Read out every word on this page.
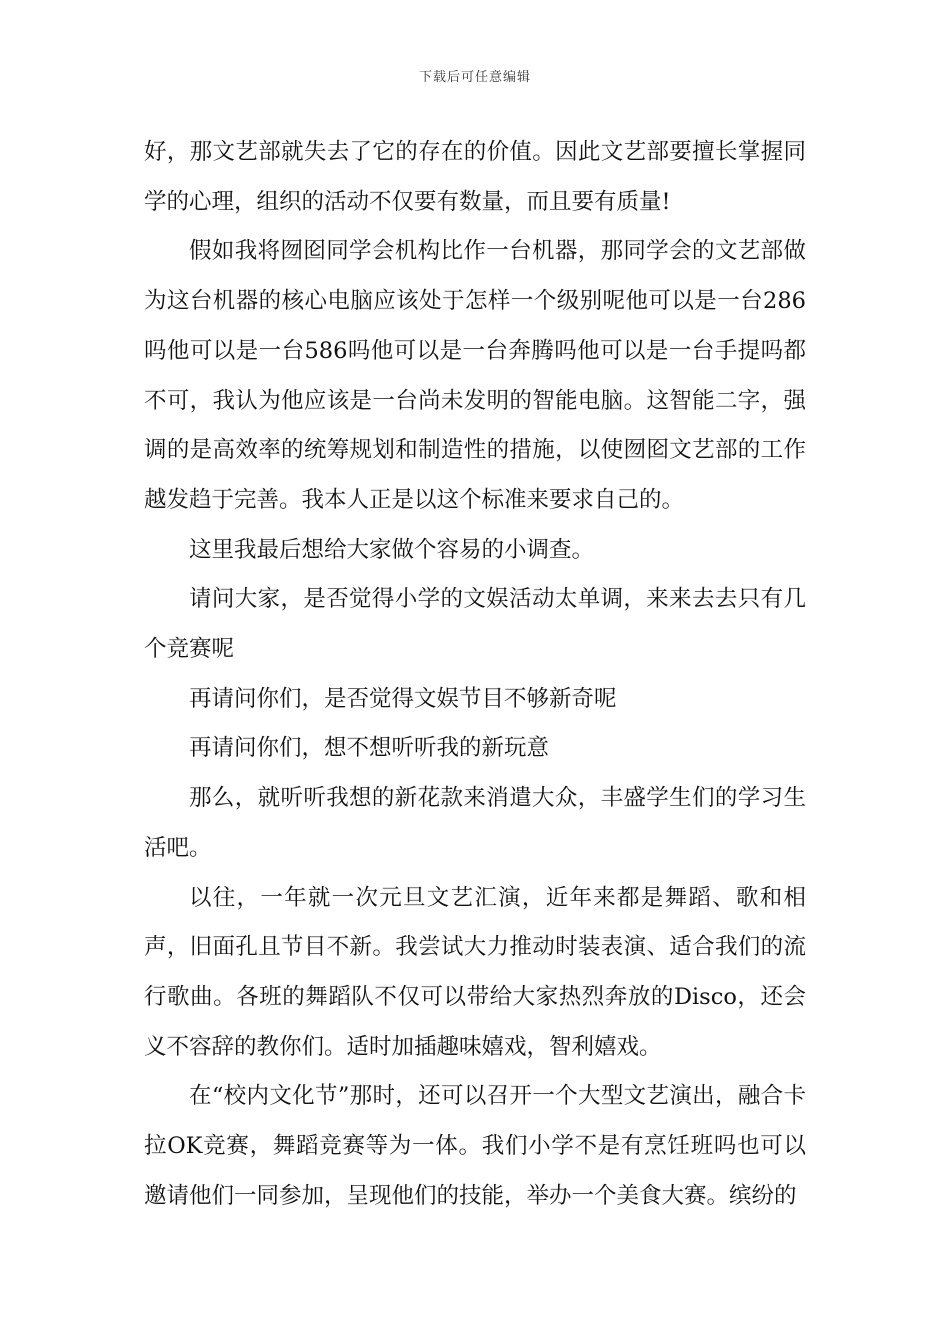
下载后可任意编辑

好，那文艺部就失去了它的存在的价值。因此文艺部要擅长掌握同学的心理，组织的活动不仅要有数量，而且要有质量!

假如我将囫囵同学会机构比作一台机器，那同学会的文艺部做为这台机器的核心电脑应该处于怎样一个级别呢他可以是一台286吗他可以是一台586吗他可以是一台奔腾吗他可以是一台手提吗都不可，我认为他应该是一台尚未发明的智能电脑。这智能二字，强调的是高效率的统筹规划和制造性的措施，以使囫囵文艺部的工作越发趋于完善。我本人正是以这个标准来要求自己的。

这里我最后想给大家做个容易的小调查。

请问大家，是否觉得小学的文娱活动太单调，来来去去只有几个竞赛呢

再请问你们，是否觉得文娱节目不够新奇呢

再请问你们，想不想听听我的新玩意

那么，就听听我想的新花款来消遣大众，丰盛学生们的学习生活吧。

以往，一年就一次元旦文艺汇演，近年来都是舞蹈、歌和相声，旧面孔且节目不新。我尝试大力推动时装表演、适合我们的流行歌曲。各班的舞蹈队不仅可以带给大家热烈奔放的Disco，还会义不容辞的教你们。适时加插趣味嬉戏，智利嬉戏。

在“校内文化节”那时，还可以召开一个大型文艺演出，融合卡拉OK竞赛，舞蹈竞赛等为一体。我们小学不是有烹饪班吗也可以邀请他们一同参加，呈现他们的技能，举办一个美食大赛。缤纷的
